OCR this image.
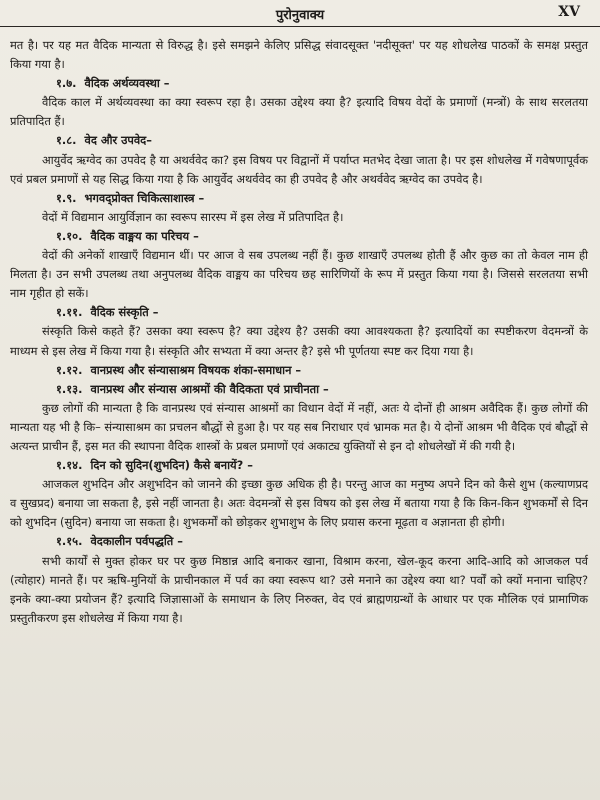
पुरोनुवाक्य	XV

मत है। पर यह मत वैदिक मान्यता से विरुद्ध है। इसे समझने केलिए प्रसिद्ध संवादसूक्त 'नदीसूक्त' पर यह शोधलेख पाठकों के समक्ष प्रस्तुत किया गया है।

१.७. वैदिक अर्थव्यवस्था –

वैदिक काल में अर्थव्यवस्था का क्या स्वरूप रहा है। उसका उद्देश्य क्या है? इत्यादि विषय वेदों के प्रमाणों (मन्त्रों) के साथ सरलतया प्रतिपादित हैं।

१.८. वेद और उपवेद–

आयुर्वेद ऋग्वेद का उपवेद है या अथर्ववेद का? इस विषय पर विद्वानों में पर्याप्त मतभेद देखा जाता है। पर इस शोधलेख में गवेषणापूर्वक एवं प्रबल प्रमाणों से यह सिद्ध किया गया है कि आयुर्वेद अथर्ववेद का ही उपवेद है और अथर्ववेद ऋग्वेद का उपवेद है।

१.९. भगवद्प्रोक्त चिकित्साशास्त्र –

वेदों में विद्यमान आयुर्विज्ञान का स्वरूप सारस्प में इस लेख में प्रतिपादित है।

१.१०. वैदिक वाङ्मय का परिचय –

वेदों की अनेकों शाखाएँ विद्यमान थीं। पर आज वे सब उपलब्ध नहीं हैं। कुछ शाखाएँ उपलब्ध होती हैं और कुछ का तो केवल नाम ही मिलता है। उन सभी उपलब्ध तथा अनुपलब्ध वैदिक वाङ्मय का परिचय छह सारिणियों के रूप में प्रस्तुत किया गया है। जिससे सरलतया सभी नाम गृहीत हो सकें।

१.११. वैदिक संस्कृति –

संस्कृति किसे कहते हैं? उसका क्या स्वरूप है? क्या उद्देश्य है? उसकी क्या आवश्यकता है? इत्यादियों का स्पष्टीकरण वेदमन्त्रों के माध्यम से इस लेख में किया गया है। संस्कृति और सभ्यता में क्या अन्तर है? इसे भी पूर्णतया स्पष्ट कर दिया गया है।

१.१२. वानप्रस्थ और संन्यासाश्रम विषयक शंका-समाधान –
१.१३. वानप्रस्थ और संन्यास आश्रमों की वैदिकता एवं प्राचीनता –

कुछ लोगों की मान्यता है कि वानप्रस्थ एवं संन्यास आश्रमों का विधान वेदों में नहीं, अतः ये दोनों ही आश्रम अवैदिक हैं। कुछ लोगों की मान्यता यह भी है कि– संन्यासाश्रम का प्रचलन बौद्धों से हुआ है। पर यह सब निराधार एवं भ्रामक मत है। ये दोनों आश्रम भी वैदिक एवं बौद्धों से अत्यन्त प्राचीन हैं, इस मत की स्थापना वैदिक शास्त्रों के प्रबल प्रमाणों एवं अकाट्य युक्तियों से इन दो शोधलेखों में की गयी है।

१.१४. दिन को सुदिन(शुभदिन) कैसे बनायें? –

आजकल शुभदिन और अशुभदिन को जानने की इच्छा कुछ अधिक ही है। परन्तु आज का मनुष्य अपने दिन को कैसे शुभ (कल्याणप्रद व सुखप्रद) बनाया जा सकता है, इसे नहीं जानता है। अतः वेदमन्त्रों से इस विषय को इस लेख में बताया गया है कि किन-किन शुभकर्मों से दिन को शुभदिन (सुदिन) बनाया जा सकता है। शुभकर्मों को छोड़कर शुभाशुभ के लिए प्रयास करना मूढ़ता व अज्ञानता ही होगी।

१.१५. वेदकालीन पर्वपद्धति –

सभी कार्यों से मुक्त होकर घर पर कुछ मिष्ठान्न आदि बनाकर खाना, विश्राम करना, खेल-कूद करना आदि-आदि को आजकल पर्व (त्योहार) मानते हैं। पर ऋषि-मुनियों के प्राचीनकाल में पर्व का क्या स्वरूप था? उसे मनाने का उद्देश्य क्या था? पर्वों को क्यों मनाना चाहिए? इनके क्या-क्या प्रयोजन हैं? इत्यादि जिज्ञासाओं के समाधान के लिए निरुक्त, वेद एवं ब्राह्मणग्रन्थों के आधार पर एक मौलिक एवं प्रामाणिक प्रस्तुतीकरण इस शोधलेख में किया गया है।
